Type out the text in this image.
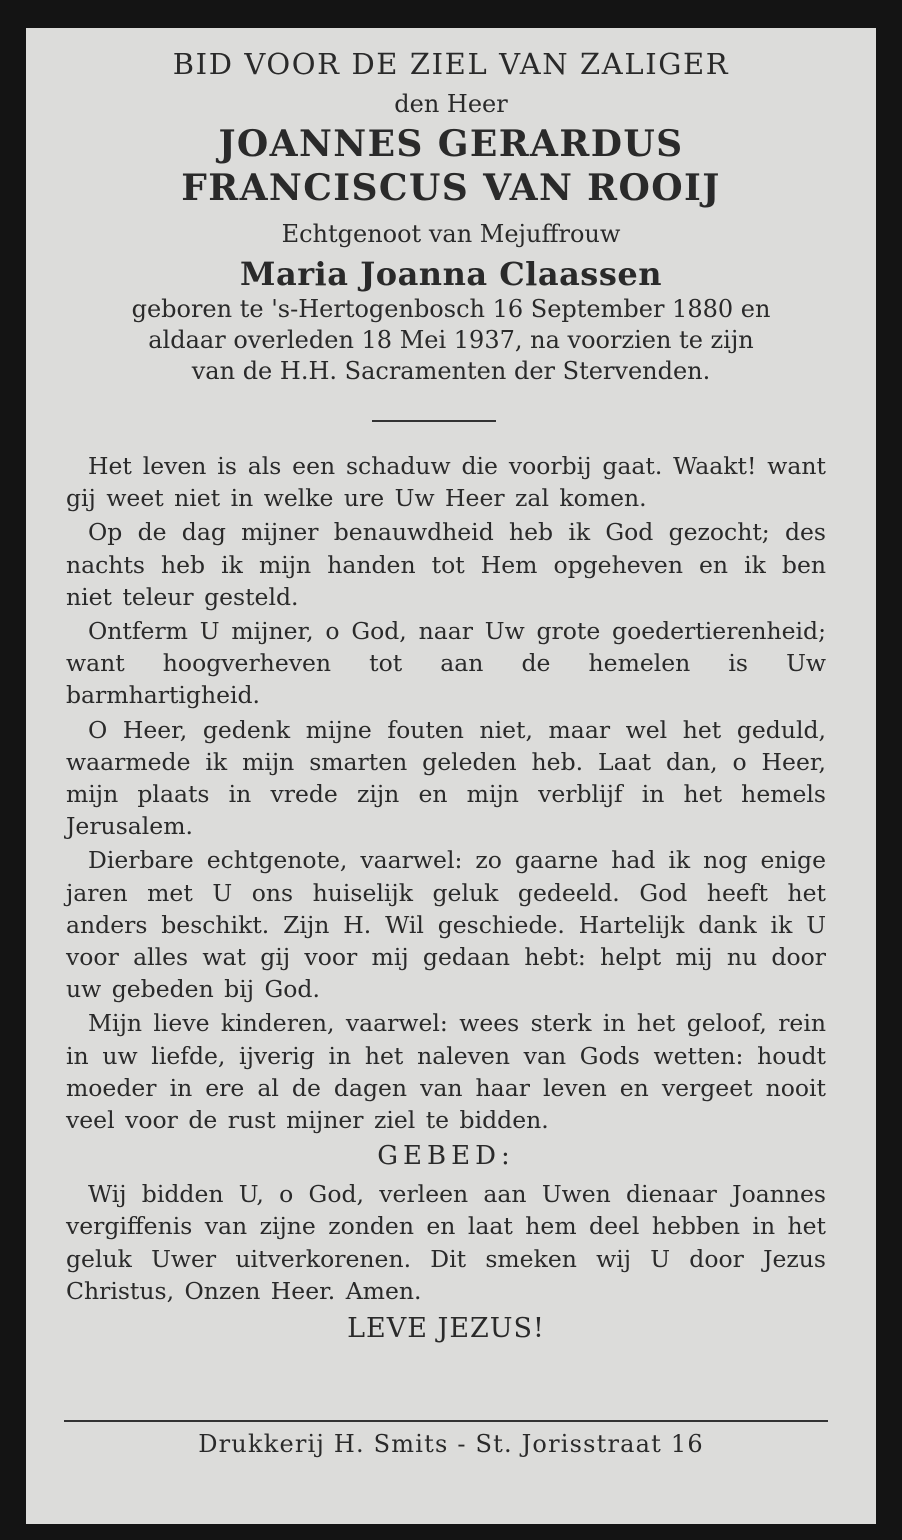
BID VOOR DE ZIEL VAN ZALIGER
den Heer
JOANNES GERARDUS
FRANCISCUS VAN ROOIJ
Echtgenoot van Mejuffrouw
Maria Joanna Claassen
geboren te 's-Hertogenbosch 16 September 1880 en
aldaar overleden 18 Mei 1937, na voorzien te zijn
van de H.H. Sacramenten der Stervenden.

Het leven is als een schaduw die voorbij gaat. Waakt! want gij weet niet in welke ure Uw Heer zal komen.

Op de dag mijner benauwdheid heb ik God gezocht; des nachts heb ik mijn handen tot Hem opgeheven en ik ben niet teleur gesteld.

Ontferm U mijner, o God, naar Uw grote goedertierenheid; want hoogverheven tot aan de hemelen is Uw barmhartigheid.

O Heer, gedenk mijne fouten niet, maar wel het geduld, waarmede ik mijn smarten geleden heb. Laat dan, o Heer, mijn plaats in vrede zijn en mijn verblijf in het hemels Jerusalem.

Dierbare echtgenote, vaarwel: zo gaarne had ik nog enige jaren met U ons huiselijk geluk gedeeld. God heeft het anders beschikt. Zijn H. Wil geschiede. Hartelijk dank ik U voor alles wat gij voor mij gedaan hebt: helpt mij nu door uw gebeden bij God.

Mijn lieve kinderen, vaarwel: wees sterk in het geloof, rein in uw liefde, ijverig in het naleven van Gods wetten: houdt moeder in ere al de dagen van haar leven en vergeet nooit veel voor de rust mijner ziel te bidden.

GEBED:

Wij bidden U, o God, verleen aan Uwen dienaar Joannes vergiffenis van zijne zonden en laat hem deel hebben in het geluk Uwer uitverkorenen. Dit smeken wij U door Jezus Christus, Onzen Heer. Amen.

LEVE JEZUS!
Drukkerij H. Smits - St. Jorisstraat 16
